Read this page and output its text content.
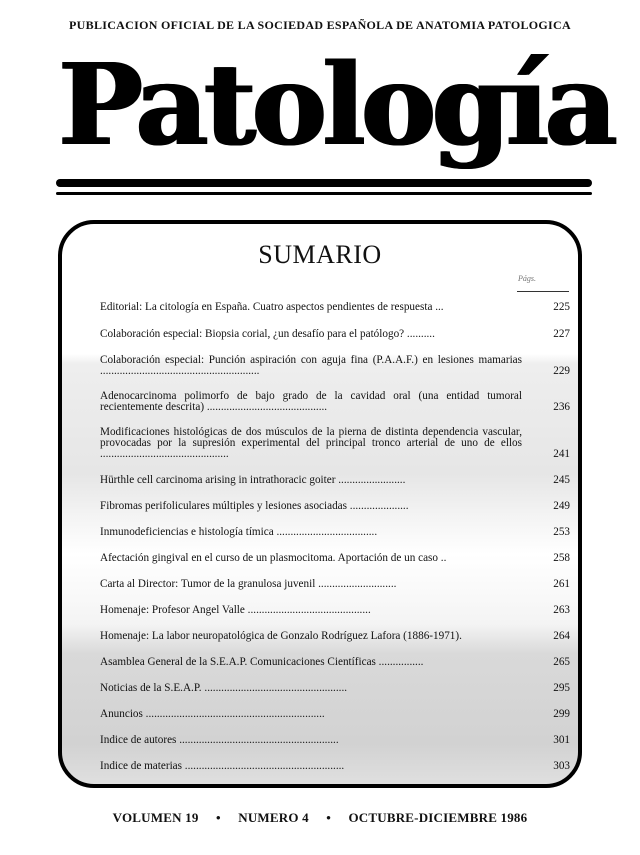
PUBLICACION OFICIAL DE LA SOCIEDAD ESPAÑOLA DE ANATOMIA PATOLOGICA
Patología
SUMARIO
Págs.
Editorial: La citología en España. Cuatro aspectos pendientes de respuesta ...	225
Colaboración especial: Biopsia corial, ¿un desafío para el patólogo? ..........	227
Colaboración especial: Punción aspiración con aguja fina (P.A.A.F.) en lesiones mamarias .........................................................	229
Adenocarcinoma polimorfo de bajo grado de la cavidad oral (una entidad tumoral recientemente descrita) ...........................................	236
Modificaciones histológicas de dos músculos de la pierna de distinta dependencia vascular, provocadas por la supresión experimental del principal tronco arterial de uno de ellos ..............................................	241
Hürthle cell carcinoma arising in intrathoracic goiter ........................	245
Fibromas perifoliculares múltiples y lesiones asociadas .....................	249
Inmunodeficiencias e histología tímica ....................................	253
Afectación gingival en el curso de un plasmocitoma. Aportación de un caso ..	258
Carta al Director: Tumor de la granulosa juvenil ............................	261
Homenaje: Profesor Angel Valle ............................................	263
Homenaje: La labor neuropatológica de Gonzalo Rodríguez Lafora (1886-1971).	264
Asamblea General de la S.E.A.P. Comunicaciones Científicas ................	265
Noticias de la S.E.A.P. ...................................................	295
Anuncios ................................................................	299
Indice de autores .........................................................	301
Indice de materias .........................................................	303
VOLUMEN 19 • NUMERO 4 • OCTUBRE-DICIEMBRE 1986
